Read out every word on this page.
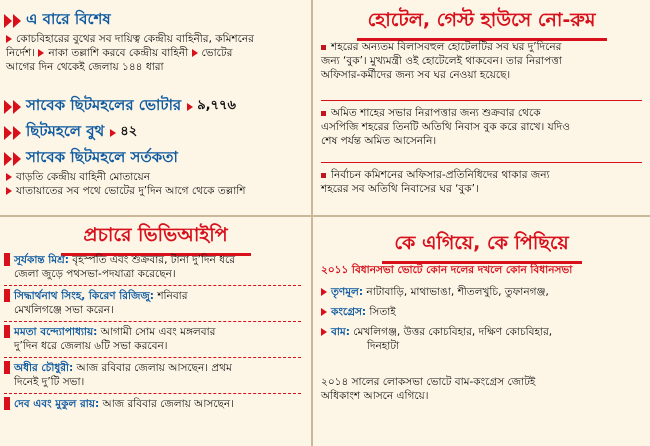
এ বারে বিশেষ
কোচবিহারের বুথের সব দায়িত্ব কেন্দ্রীয় বাহিনীর, কমিশনের
নির্দেশ। নাকা তল্লাশি করবে কেন্দ্রীয় বাহিনী ভোটের
আগের দিন থেকেই জেলায় ১৪৪ ধারা
সাবেক ছিটমহলের ভোটার ৯,৭৭৬
ছিটমহলে বুথ ৪২
সাবেক ছিটমহলে সর্তকতা
বাড়তি কেন্দ্রীয় বাহিনী মোতায়েন
যাতায়াতের সব পথে ভোটের দু’দিন আগে থেকে তল্লাশি
প্রচারে ভিভিআইপি
সূর্যকান্ত মিশ্র: বৃহস্পতি এবং শুক্রবার, টানা দু’দিন ধরে
জেলা জুড়ে পথসভা-পদযাত্রা করেছেন।
সিদ্ধার্থনাথ সিংহ, কিরেণ রিজিজু: শনিবার
মেখলিগঞ্জে সভা করেন।
মমতা বন্দ্যোপাধ্যায়: আগামী সোম এবং মঙ্গলবার
দু’দিন ধরে জেলায় ৬টি সভা করবেন।
অধীর চৌধুরী: আজ রবিবার জেলায় আসছেন। প্রথম
দিনেই দু’টি সভা।
দেব এবং মুকুল রায়: আজ রবিবার জেলায় আসছেন।
হোটেল, গেস্ট হাউসে নো-রুম
শহরের অন্যতম বিলাসবহুল হোটেলটির সব ঘর দু’দিনের
জন্য ‘বুক’। মুখ্যমন্ত্রী ওই হোটেলেই থাকবেন। তার নিরাপত্তা
অফিসার-কর্মীদের জন্য সব ঘর নেওয়া হয়েছে।
অমিত শাহের সভার নিরাপত্তার জন্য শুক্রবার থেকে
এসপিজি শহরের তিনটি অতিথি নিবাস বুক করে রাখে। যদিও
শেষ পর্যন্ত অমিত আসেননি।
নির্বাচন কমিশনের অফিসার-প্রতিনিধিদের থাকার জন্য
শহরের সব অতিথি নিবাসের ঘর ‘বুক’।
কে এগিয়ে, কে পিছিয়ে
২০১১ বিধানসভা ভোটে কোন দলের দখলে কোন বিধানসভা
তৃণমূল: নাটাবাড়ি, মাথাভাঙা, শীতলখুচি, তুফানগঞ্জ,
কংগ্রেস: সিতাই
বাম: মেখলিগঞ্জ, উত্তর কোচবিহার, দক্ষিণ কোচবিহার,
দিনহাটা
২০১৪ সালের লোকসভা ভোটে বাম-কংগ্রেস জোটই
অধিকাংশ আসনে এগিয়ে।
